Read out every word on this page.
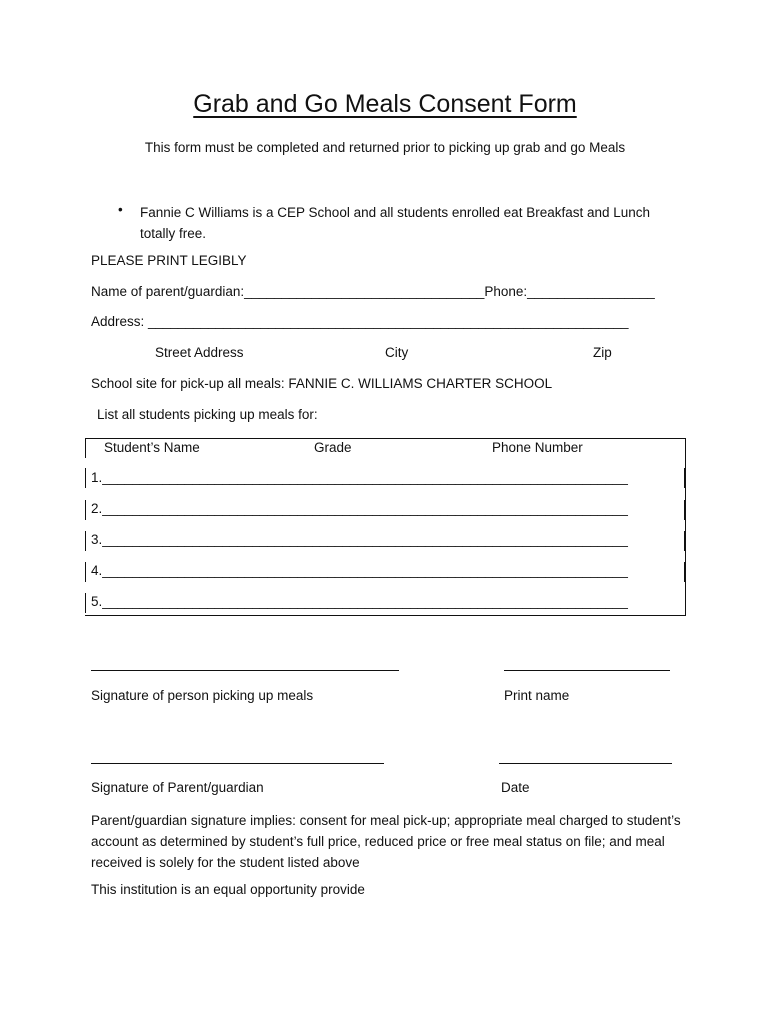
Grab and Go Meals Consent Form
This form must be completed and returned prior to picking up grab and go Meals
• Fannie C Williams is a CEP School and all students enrolled eat Breakfast and Lunch totally free.
PLEASE PRINT LEGIBLY
Name of parent/guardian:________________________________Phone:_________________
Address: ________________________________________________________________
Street Address	City	Zip
School site for pick-up all meals: FANNIE C. WILLIAMS CHARTER SCHOOL
List all students picking up meals for:
Student’s Name	Grade	Phone Number
1.______________________________________________________________________
2.______________________________________________________________________
3.______________________________________________________________________
4.______________________________________________________________________
5.______________________________________________________________________
Signature of person picking up meals	Print name
Signature of Parent/guardian	Date
Parent/guardian signature implies: consent for meal pick-up; appropriate meal charged to student’s account as determined by student’s full price, reduced price or free meal status on file; and meal received is solely for the student listed above
This institution is an equal opportunity provide
